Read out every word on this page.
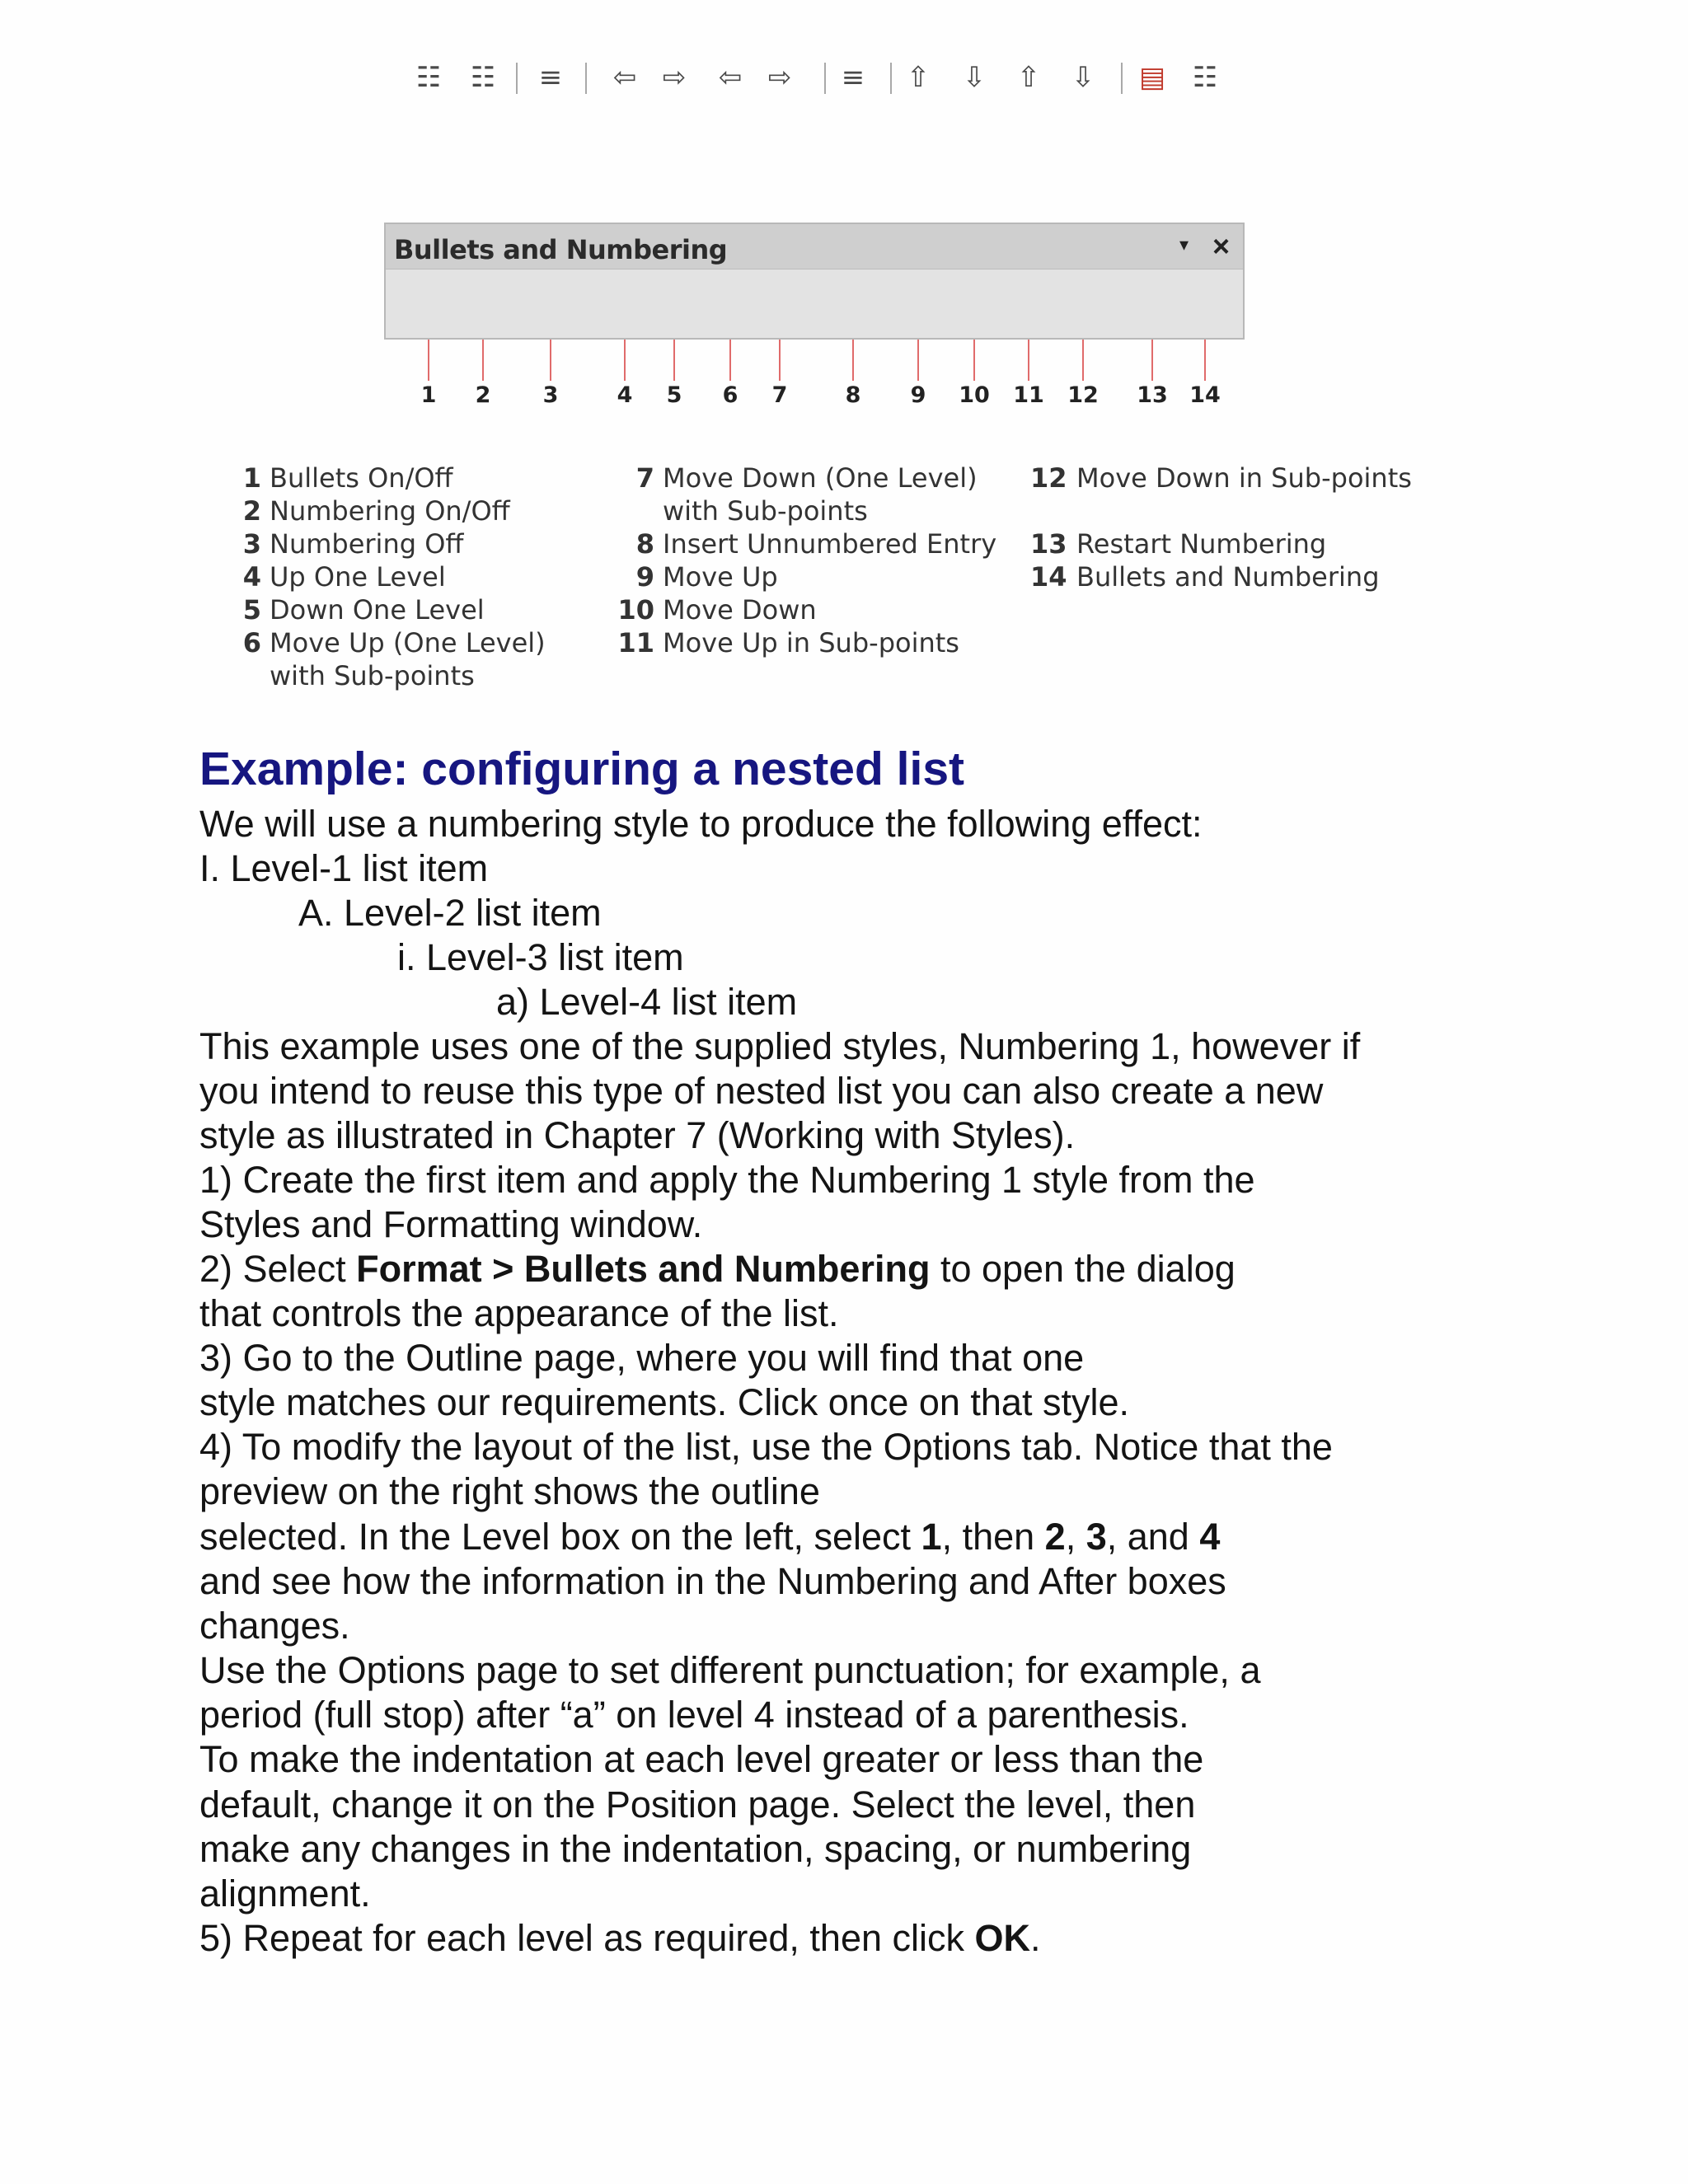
Bullets and Numbering	▾ ×
☷ ☷ ≡ ⇦ ⇨ ⇦ ⇨ ≡ ⇧ ⇩ ⇧ ⇩ ▤ ☷
1	2	3	4	5	6	7	8	9	10	11	12	13 14
1 Bullets On/Off
2 Numbering On/Off
3 Numbering Off
4 Up One Level
5 Down One Level
6 Move Up (One Level)
with Sub-points
7 Move Down (One Level)
with Sub-points
8 Insert Unnumbered Entry
9 Move Up
10 Move Down
11 Move Up in Sub-points
12 Move Down in Sub-points
13 Restart Numbering
14 Bullets and Numbering
Example: configuring a nested list

We will use a numbering style to produce the following effect:

I. Level-1 list item

A. Level-2 list item

i. Level-3 list item

a) Level-4 list item

This example uses one of the supplied styles, Numbering 1, however if

you intend to reuse this type of nested list you can also create a new

style as illustrated in Chapter 7 (Working with Styles).

1) Create the first item and apply the Numbering 1 style from the

Styles and Formatting window.

2) Select Format > Bullets and Numbering to open the dialog

that controls the appearance of the list.

3) Go to the Outline page, where you will find that one

style matches our requirements. Click once on that style.

4) To modify the layout of the list, use the Options tab. Notice that the

preview on the right shows the outline

selected. In the Level box on the left, select 1, then 2, 3, and 4

and see how the information in the Numbering and After boxes

changes.

Use the Options page to set different punctuation; for example, a

period (full stop) after “a” on level 4 instead of a parenthesis.

To make the indentation at each level greater or less than the

default, change it on the Position page. Select the level, then

make any changes in the indentation, spacing, or numbering

alignment.

5) Repeat for each level as required, then click OK.
